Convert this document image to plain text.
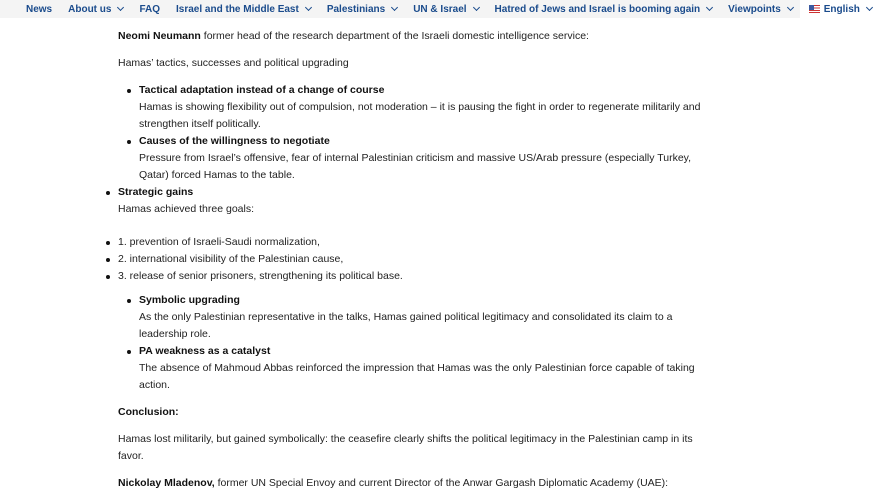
News About us	FAQ Israel and the Middle East	Palestinians	UN & Israel	Hatred of Jews and Israel is booming again	Viewpoints	English

Neomi Neumann former head of the research department of the Israeli domestic intelligence service:

Hamas’ tactics, successes and political upgrading

Tactical adaptation instead of a change of course
Hamas is showing flexibility out of compulsion, not moderation – it is pausing the fight in order to regenerate militarily and strengthen itself politically.
Causes of the willingness to negotiate
Pressure from Israel’s offensive, fear of internal Palestinian criticism and massive US/Arab pressure (especially Turkey, Qatar) forced Hamas to the table.
Strategic gains
Hamas achieved three goals:
1. prevention of Israeli-Saudi normalization,
2. international visibility of the Palestinian cause,
3. release of senior prisoners, strengthening its political base.
Symbolic upgrading
As the only Palestinian representative in the talks, Hamas gained political legitimacy and consolidated its claim to a leadership role.
PA weakness as a catalyst
The absence of Mahmoud Abbas reinforced the impression that Hamas was the only Palestinian force capable of taking action.

Conclusion:

Hamas lost militarily, but gained symbolically: the ceasefire clearly shifts the political legitimacy in the Palestinian camp in its favor.

Nickolay Mladenov, former UN Special Envoy and current Director of the Anwar Gargash Diplomatic Academy (UAE):
